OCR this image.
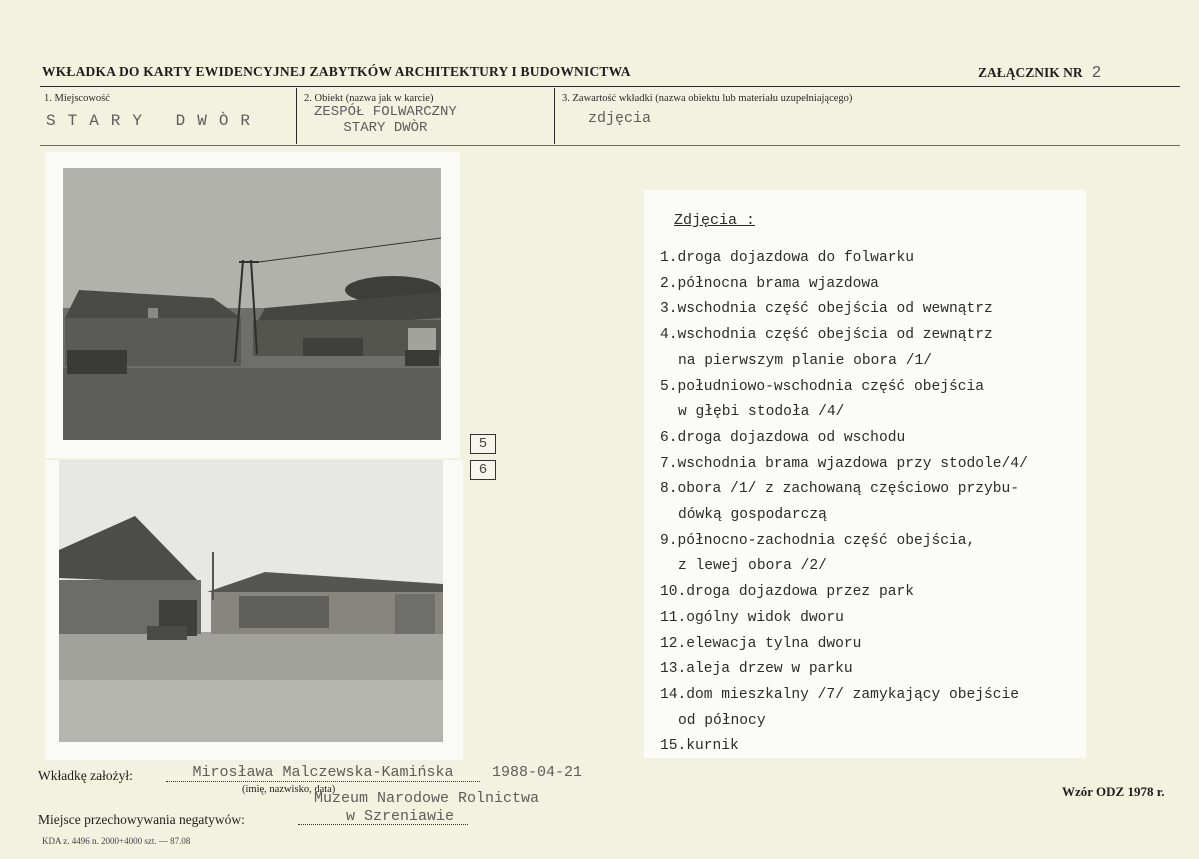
WKŁADKA DO KARTY EWIDENCYJNEJ ZABYTKÓW ARCHITEKTURY I BUDOWNICTWA	ZAŁĄCZNIK NR 2
1. Miejscowość
STARY DWÒR
2. Obiekt (nazwa jak w karcie)
ZESPÓŁ FOLWARCZNY
STARY DWÒR
3. Zawartość wkładki (nazwa obiektu lub materiału uzupełniającego)
zdjęcia
5
6
Zdjęcia :
1.droga dojazdowa do folwarku
2.północna brama wjazdowa
3.wschodnia część obejścia od wewnątrz
4.wschodnia część obejścia od zewnątrz
na pierwszym planie obora /1/
5.południowo-wschodnia część obejścia
w głębi stodoła /4/
6.droga dojazdowa od wschodu
7.wschodnia brama wjazdowa przy stodole/4/
8.obora /1/ z zachowaną częściowo przybu-
dówką gospodarczą
9.północno-zachodnia część obejścia,
z lewej obora /2/
10.droga dojazdowa przez park
11.ogólny widok dworu
12.elewacja tylna dworu
13.aleja drzew w parku
14.dom mieszkalny /7/ zamykający obejście
od północy
15.kurnik
Wkładkę założył:	Mirosława Malczewska-Kamińska	1988-04-21
(imię, nazwisko, data)
Muzeum Narodowe Rolnictwa
Miejsce przechowywania negatywów:	w Szreniawie
Wzór ODZ 1978 r.
KDA z. 4496 n. 2000+4000 szt. — 87.08
